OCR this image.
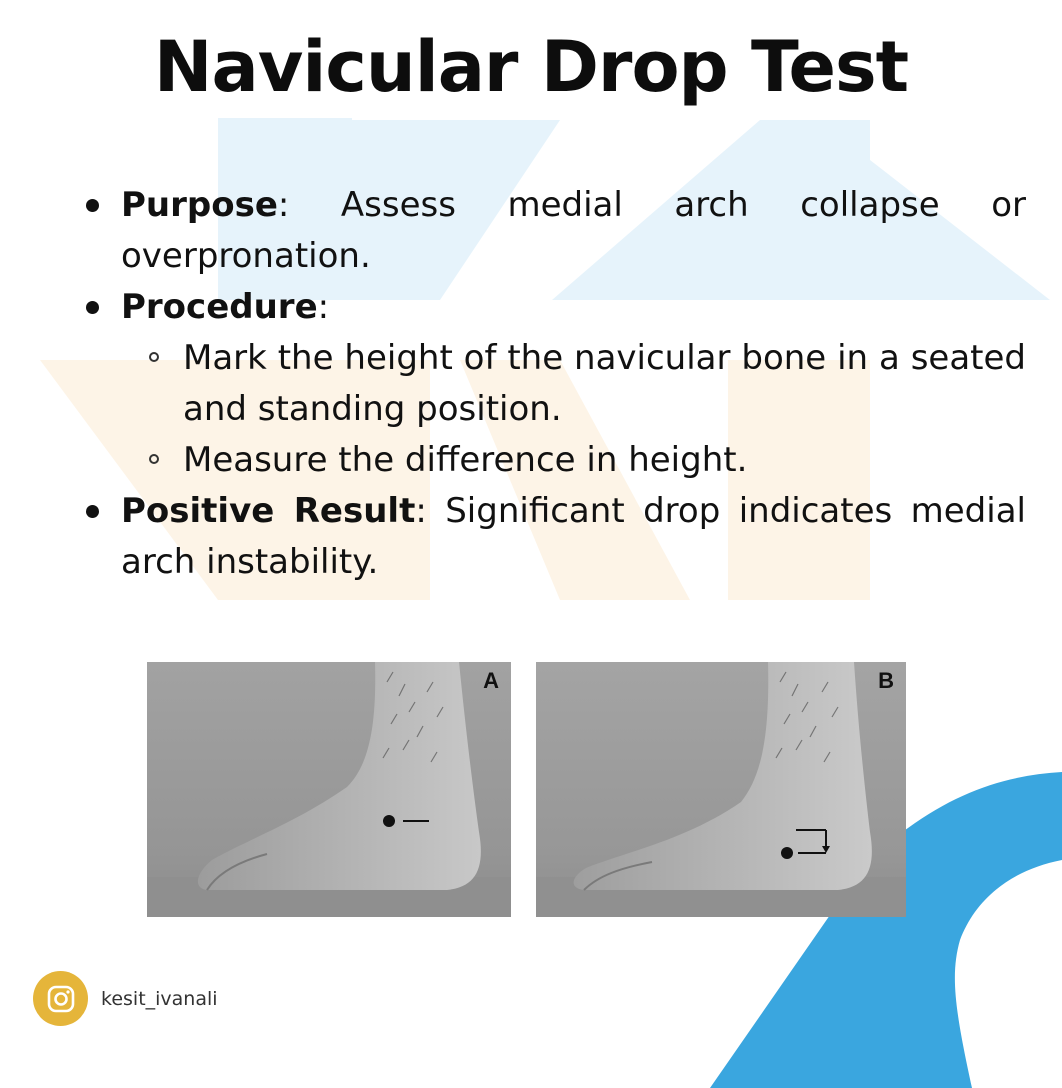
Navicular Drop Test
Purpose: Assess medial arch collapse or overpronation.
Procedure:
Mark the height of the navicular bone in a seated and standing position.
Measure the difference in height.
Positive Result: Significant drop indicates medial arch instability.
A	B
kesit_ivanali
